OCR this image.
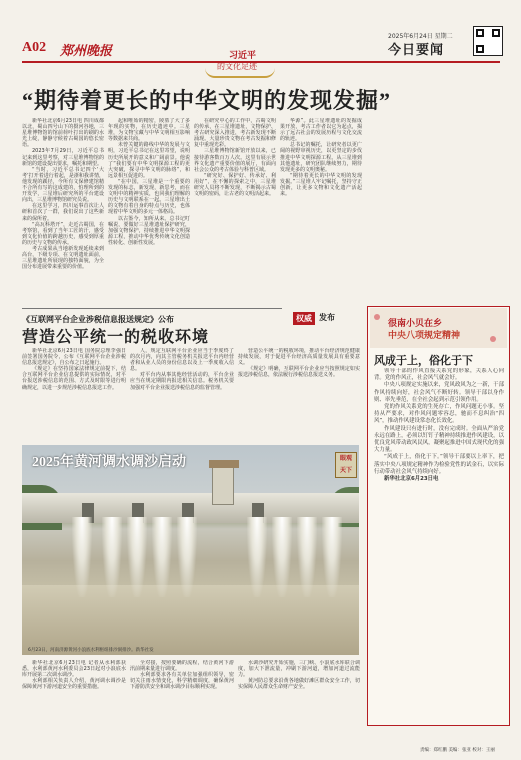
A02 郑州晚报
2025年6月24日 星期二
今日要闻
习近平
的文化足迹
“期待着更长的中华文明的发现发掘”

新华社北京6月23日电 四川成都以北，蜀山四号山下的摄河谷地，三星堆博物馆的馆前荷叶打出的刷的水光上绽，静静守候着古蜀国的悠长密语。

2023年7月29日，习近平总书记来到这里考察，对三星堆博物馆的新馆的建设提出要求，嘱托和期望。

“当时，习近平总书记四个‘大考’打开着进行着起，是浙和我讲情，他发现的蹊径，今所有文保修建馆精不合所有写的这成建的，怕理所到的开发学，三星堆后研究所的平台建设向出，三星堆博物馆研究员说。

在这里学习，四川运事首次让人研和首次了一群，我们说出了这些新来的保所着。

“高瓦科塔开”，走近古蜀国，在考察馆，看到了当年工匠的汗，感受到文化价值的跨越历史，感受到厚重的历史与文物的传承。

考古成果从当地新发现延续来到高台，下级专项、在文明遗址面前，三星堆遗址所展现的独特面貌，为全国分布进展带来重要的价值。

起和唯始的精密，陵墓了大了多年现的实物，在历史遗迹中。三星堆，为文物宝藏与中华文明相互影响等数据来共商。

未曾关键的路线中华的发展与文明，习近平总书记在这里寄望，说明历史所展开的意义和广阔前景。他说了“我们要有中华文明探源工程的更大突破，探寻中华文明的脉络”，和远景相互促进的。

“在中国，三星堆是一个重要的发现的标志，新发现，新思考，而在文明中的精神实质，也同我们理解的历史与文明联系在一起。三星堆出土的文物有着自身的特点与历史，也体现着中华文明的多元一体格局。

以古鉴今，知所从来。总书记叮嘱说，要做好三星堆遗址保护研究，加强文物保护，持续推进中华文明探源工程，推动中华优秀传统文化创造性转化、创新性发展。

在研究中心的工作中，古蜀文明的传承，在三星堆遗址，文物保护、考古研究深入推进，考古新发现不断涌现。大量珍贵文物在考古发掘和修复中重现光彩。

三星堆博物馆新馆开放以来，已接待游客数百万人次。这里有展示世界文化遗产重要价值的展厅，有面向社会公众的考古体验与科普区域。

“研究好、保护好、传承好、利用好”，在不懈的探索之中，三星堆研究人员将不断发现，不断揭示古蜀文明的密码，让古老的文明活起来。

华源”。此三星堆遗址的发掘成果开放，考古工作者以它为起点，揭示了远古社会的发展历程与文化交流的轨迹。

总书记的嘱托，让研究者以更广阔的视野审视历史，以更坚定的步伐推进中华文明探源工程。从三星堆到其他遗址，研究团队继续努力，期待发现更多的文明奥秘。

“期待着更长的中华文明的发现发掘。”三星堆人牢记嘱托，坚持守正创新，让更多文物和文化遗产活起来。

《互联网平台企业涉税信息报送规定》公布
营造公平统一的税收环境
权威 发布

新华社北京6月23日电 国务院总理李强日前签署国务院令，公布《互联网平台企业涉税信息报送规定》，自公布之日起施行。

《规定》在坚持国家法律规定前提下，结合互联网平台企业信息提供的实际情况，对平台报送涉税信息的范围、方式及时限等进行明确规定，以进一步规范涉税信息报送工作。

人，规定互联网平台企业应当于季度终了的次月内，向其主管税务机关报送平台内经营者和从业人员的身份信息以及上一季度收入信息。

对平台内从事其他经营活动的，平台企业应当在规定期限内报送相关信息。税务机关要加强对平台企业报送涉税信息的监督管理。

营造公平统一的税收环境，推动平台经济规范健康持续发展，对于促进平台经济高质量发展具有重要意义。

《规定》明确，互联网平台企业应当按照规定如实报送涉税信息，依法履行涉税信息报送义务。

2025年黄河调水调沙启动	眼观
天下
6月23日，河南济源黄河小浪底水利枢纽排沙洞排沙。新华社发

新华社北京6月23日电 记者从水利部获悉，水利部黄河水利委员会23日起对小浪底水库开展第二次调水调沙。

水利部相关负责人介绍，黄河调水调沙是保障黄河下游河道安全的重要措施。

全对接，按照要确的流程，结合黄河下游汛前期来量进行调度。

水利部要求各有关单位加强组织领导，密切关注雨水情变化，科学精细调度，确保黄河下游防洪安全和调水调沙目标顺利实现。

水调沙研究开始实施，三门峡、小浪底水库联合调度，加大下泄流量，冲刷下游河道，增加河道过流能力。

黄河防总要求沿黄各地做好滩区群众安全工作，切实保障人民群众生命财产安全。

很南小贝在乡
中央八项规定精神
风成于上，俗化于下

领导干部的作风直接关系党的形象，关系人心向背。党的作风正，社会风气就会好。

中央八项规定实施以来，党风政风为之一新，干部作风持续向好，社会风气不断好转。领导干部以身作则、率先垂范，在全社会起到示范引领作用。

党的作风关系党的生死存亡，作风问题无小事。坚持从严要求，对作风问题零容忍，驰而不息纠治“四风”，推动作风建设常态化长效化。

作风建设只有进行时，没有完成时。全面从严治党永远在路上，必须以钉钉子精神持续推进作风建设，以优良党风带动政风民风，凝聚起推进中国式现代化的强大力量。

“风成于上，俗化于下。”领导干部要以上率下，把落实中央八项规定精神作为检验党性的试金石，以实际行动带动社会风气持续向好。

新华社北京6月23日电

责编：郑红鹏 美编：张亚 校对：王丽
